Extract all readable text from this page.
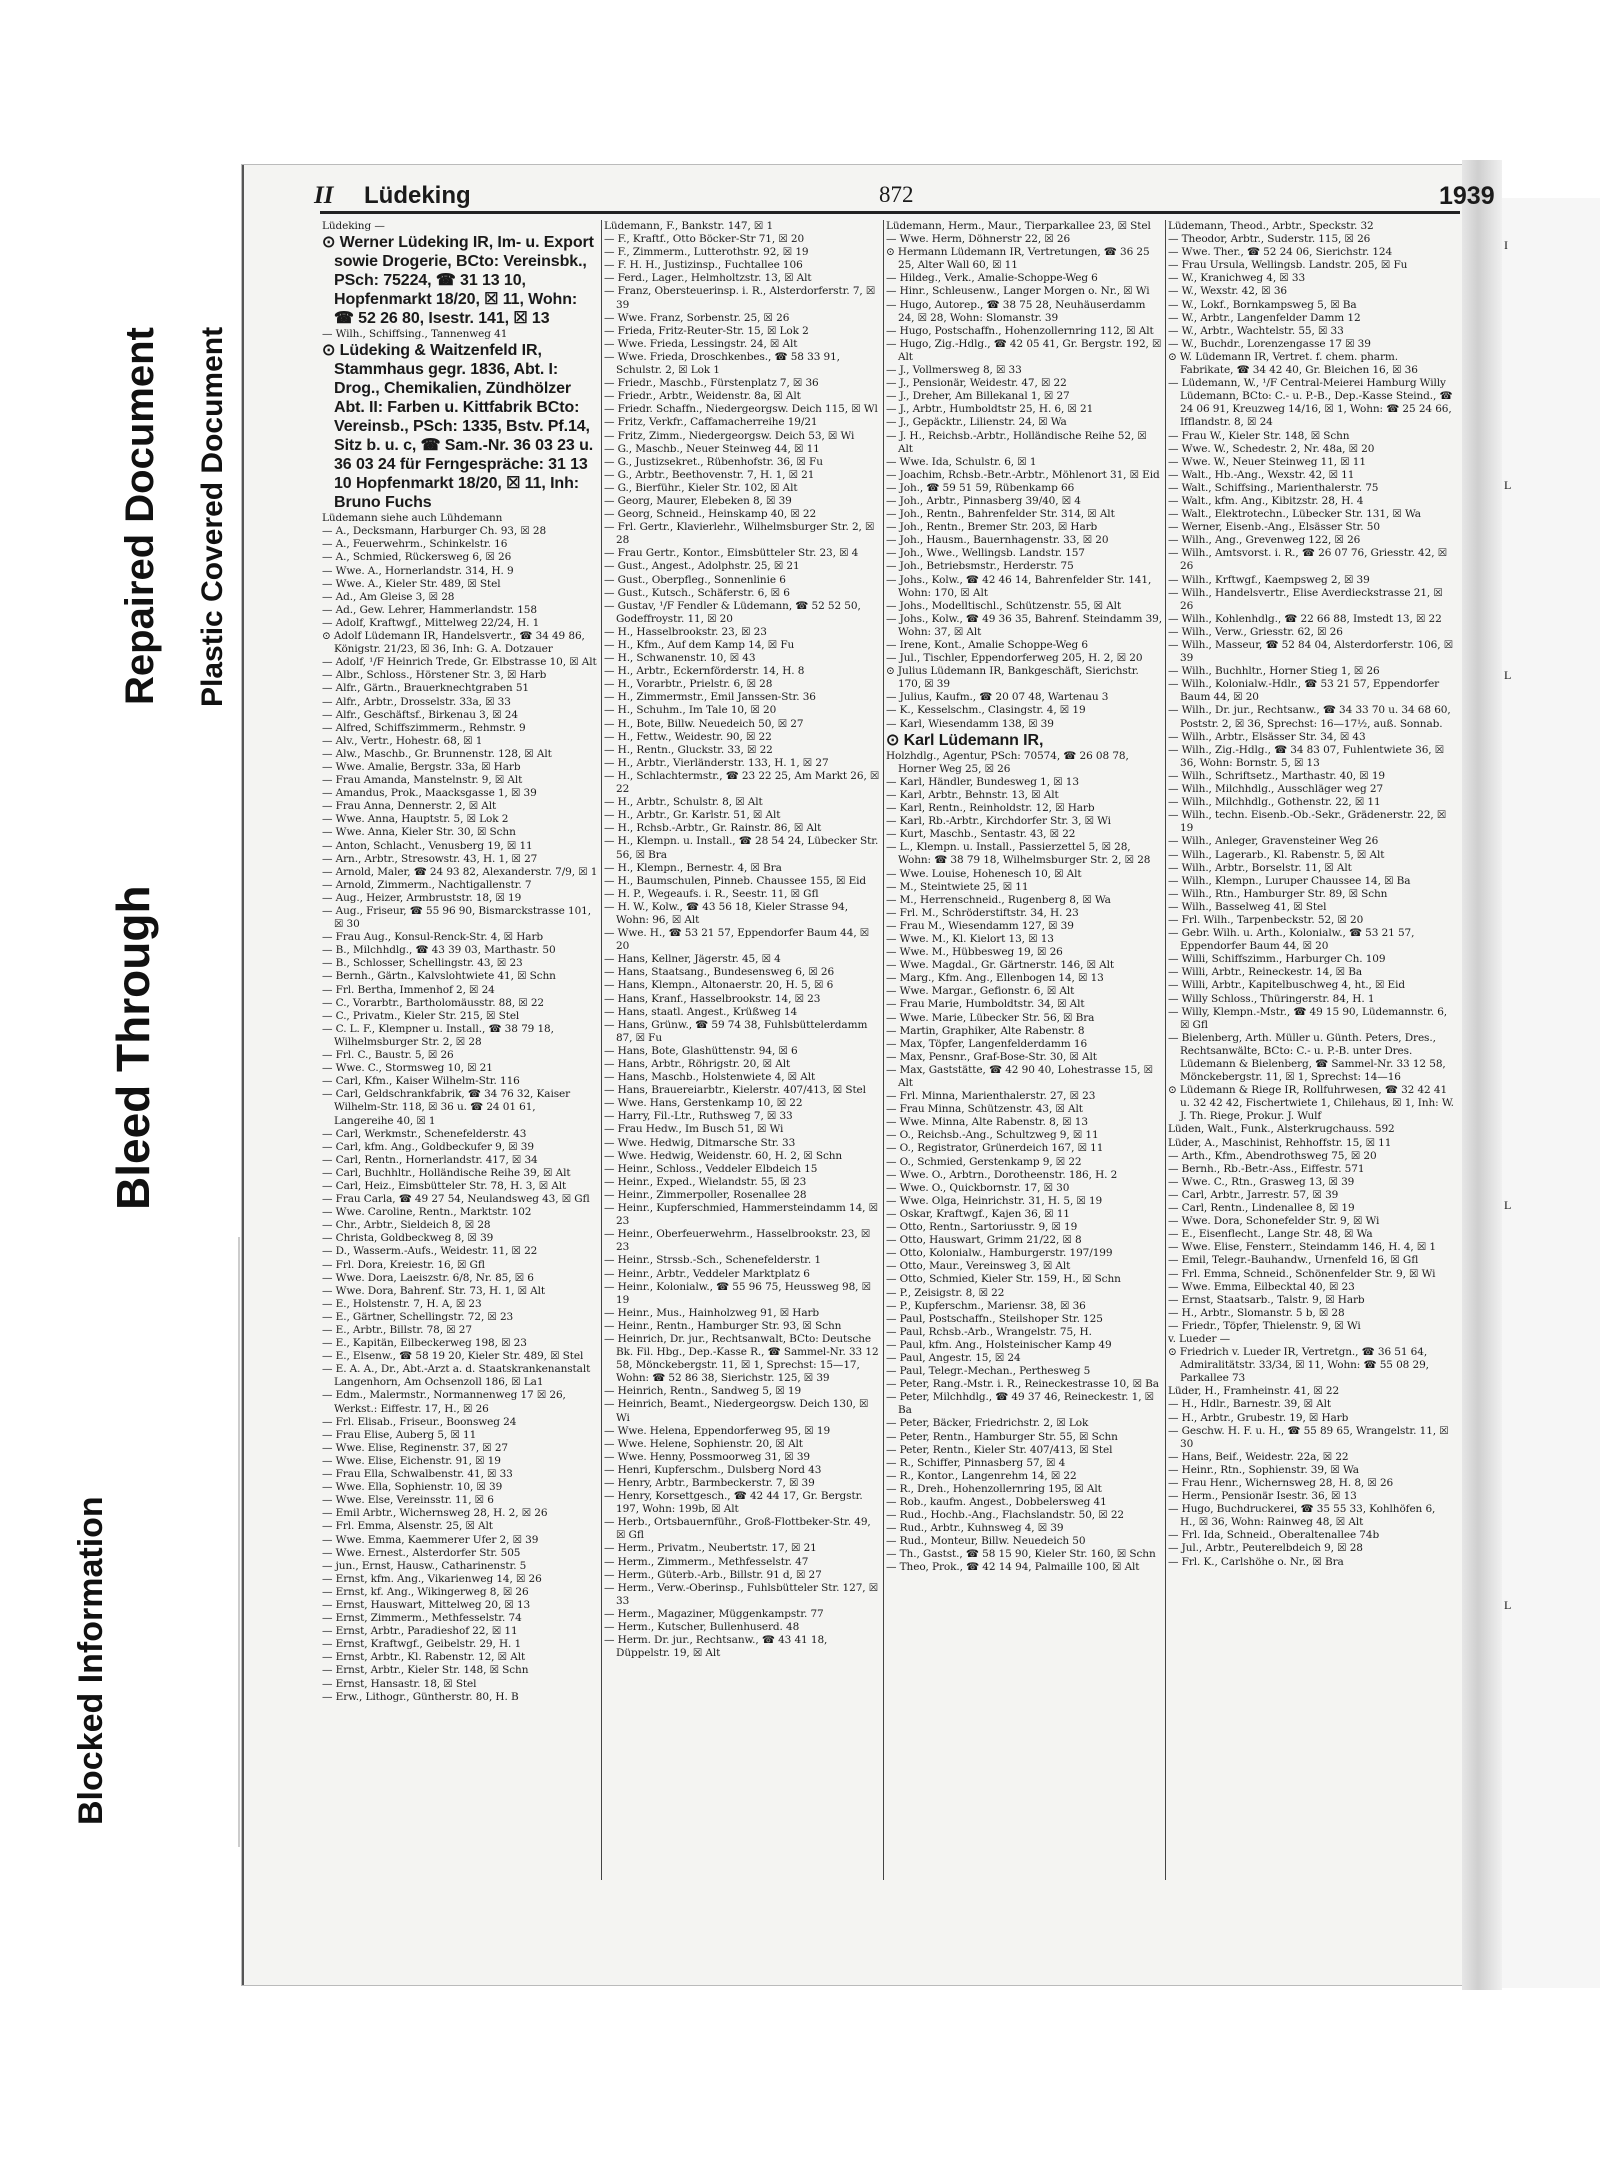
Blocked Information
Bleed Through
Repaired Document Plastic Covered Document
I
L
L
L
L
II Lüdeking	872	1939
Lüdeking —
⊙ Werner Lüdeking IR, Im- u. Export sowie Drogerie, BCto: Vereinsbk., PSch: 75224, ☎ 31 13 10, Hopfenmarkt 18/20, ☒ 11, Wohn: ☎ 52 26 80, Isestr. 141, ☒ 13
— Wilh., Schiffsing., Tannenweg 41
⊙ Lüdeking & Waitzenfeld IR, Stammhaus gegr. 1836, Abt. I: Drog., Chemikalien, Zündhölzer Abt. II: Farben u. Kittfabrik BCto: Vereinsb., PSch: 1335, Bstv. Pf.14, Sitz b. u. c, ☎ Sam.-Nr. 36 03 23 u. 36 03 24 für Ferngespräche: 31 13 10 Hopfenmarkt 18/20, ☒ 11, Inh: Bruno Fuchs
Lüdemann siehe auch Lühdemann
— A., Decksmann, Harburger Ch. 93, ☒ 28
— A., Feuerwehrm., Schinkelstr. 16
— A., Schmied, Rückersweg 6, ☒ 26
— Wwe. A., Hornerlandstr. 314, H. 9
— Wwe. A., Kieler Str. 489, ☒ Stel
— Ad., Am Gleise 3, ☒ 28
— Ad., Gew. Lehrer, Hammerlandstr. 158
— Adolf, Kraftwgf., Mittelweg 22/24, H. 1
⊙ Adolf Lüdemann IR, Handelsvertr., ☎ 34 49 86, Königstr. 21/23, ☒ 36, Inh: G. A. Dotzauer
— Adolf, ¹/F Heinrich Trede, Gr. Elbstrasse 10, ☒ Alt
— Albr., Schloss., Hörstener Str. 3, ☒ Harb
— Alfr., Gärtn., Brauerknechtgraben 51
— Alfr., Arbtr., Drosselstr. 33a, ☒ 33
— Alfr., Geschäftsf., Birkenau 3, ☒ 24
— Alfred, Schiffszimmerm., Rehmstr. 9
— Alv., Vertr., Hohestr. 68, ☒ 1
— Alw., Maschb., Gr. Brunnenstr. 128, ☒ Alt
— Wwe. Amalie, Bergstr. 33a, ☒ Harb
— Frau Amanda, Manstelnstr. 9, ☒ Alt
— Amandus, Prok., Maacksgasse 1, ☒ 39
— Frau Anna, Dennerstr. 2, ☒ Alt
— Wwe. Anna, Hauptstr. 5, ☒ Lok 2
— Wwe. Anna, Kieler Str. 30, ☒ Schn
— Anton, Schlacht., Venusberg 19, ☒ 11
— Arn., Arbtr., Stresowstr. 43, H. 1, ☒ 27
— Arnold, Maler, ☎ 24 93 82, Alexanderstr. 7/9, ☒ 1
— Arnold, Zimmerm., Nachtigallenstr. 7
— Aug., Heizer, Armbruststr. 18, ☒ 19
— Aug., Friseur, ☎ 55 96 90, Bismarckstrasse 101, ☒ 30
— Frau Aug., Konsul-Renck-Str. 4, ☒ Harb
— B., Milchhdlg., ☎ 43 39 03, Marthastr. 50
— B., Schlosser, Schellingstr. 43, ☒ 23
— Bernh., Gärtn., Kalvslohtwiete 41, ☒ Schn
— Frl. Bertha, Immenhof 2, ☒ 24
— C., Vorarbtr., Bartholomäusstr. 88, ☒ 22
— C., Privatm., Kieler Str. 215, ☒ Stel
— C. L. F., Klempner u. Install., ☎ 38 79 18, Wilhelmsburger Str. 2, ☒ 28
— Frl. C., Baustr. 5, ☒ 26
— Wwe. C., Stormsweg 10, ☒ 21
— Carl, Kfm., Kaiser Wilhelm-Str. 116
— Carl, Geldschrankfabrik, ☎ 34 76 32, Kaiser Wilhelm-Str. 118, ☒ 36 u. ☎ 24 01 61, Langereihe 40, ☒ 1
— Carl, Werkmstr., Schenefelderstr. 43
— Carl, kfm. Ang., Goldbeckufer 9, ☒ 39
— Carl, Rentn., Hornerlandstr. 417, ☒ 34
— Carl, Buchhltr., Holländische Reihe 39, ☒ Alt
— Carl, Heiz., Eimsbütteler Str. 78, H. 3, ☒ Alt
— Frau Carla, ☎ 49 27 54, Neulandsweg 43, ☒ Gfl
— Wwe. Caroline, Rentn., Marktstr. 102
— Chr., Arbtr., Sieldeich 8, ☒ 28
— Christa, Goldbeckweg 8, ☒ 39
— D., Wasserm.-Aufs., Weidestr. 11, ☒ 22
— Frl. Dora, Kreiestr. 16, ☒ Gfl
— Wwe. Dora, Laeiszstr. 6/8, Nr. 85, ☒ 6
— Wwe. Dora, Bahrenf. Str. 73, H. 1, ☒ Alt
— E., Holstenstr. 7, H. A, ☒ 23
— E., Gärtner, Schellingstr. 72, ☒ 23
— E., Arbtr., Billstr. 78, ☒ 27
— E., Kapitän, Eilbeckerweg 198, ☒ 23
— E., Elsenw., ☎ 58 19 20, Kieler Str. 489, ☒ Stel
— E. A. A., Dr., Abt.-Arzt a. d. Staatskrankenanstalt Langenhorn, Am Ochsenzoll 186, ☒ La1
— Edm., Malermstr., Normannenweg 17 ☒ 26, Werkst.: Eiffestr. 17, H., ☒ 26
— Frl. Elisab., Friseur., Boonsweg 24
— Frau Elise, Auberg 5, ☒ 11
— Wwe. Elise, Reginenstr. 37, ☒ 27
— Wwe. Elise, Eichenstr. 91, ☒ 19
— Frau Ella, Schwalbenstr. 41, ☒ 33
— Wwe. Ella, Sophienstr. 10, ☒ 39
— Wwe. Else, Vereinsstr. 11, ☒ 6
— Emil Arbtr., Wichernsweg 28, H. 2, ☒ 26
— Frl. Emma, Alsenstr. 25, ☒ Alt
— Wwe. Emma, Kaemmerer Ufer 2, ☒ 39
— Wwe. Ernest., Alsterdorfer Str. 505
— jun., Ernst, Hausw., Catharinenstr. 5
— Ernst, kfm. Ang., Vikarienweg 14, ☒ 26
— Ernst, kf. Ang., Wikingerweg 8, ☒ 26
— Ernst, Hauswart, Mittelweg 20, ☒ 13
— Ernst, Zimmerm., Methfesselstr. 74
— Ernst, Arbtr., Paradieshof 22, ☒ 11
— Ernst, Kraftwgf., Geibelstr. 29, H. 1
— Ernst, Arbtr., Kl. Rabenstr. 12, ☒ Alt
— Ernst, Arbtr., Kieler Str. 148, ☒ Schn
— Ernst, Hansastr. 18, ☒ Stel
— Erw., Lithogr., Güntherstr. 80, H. B
Lüdemann, F., Bankstr. 147, ☒ 1
— F., Kraftf., Otto Böcker-Str 71, ☒ 20
— F., Zimmerm., Lutterothstr. 92, ☒ 19
— F. H. H., Justizinsp., Fuchtallee 106
— Ferd., Lager., Helmholtzstr. 13, ☒ Alt
— Franz, Obersteuerinsp. i. R., Alsterdorferstr. 7, ☒ 39
— Wwe. Franz, Sorbenstr. 25, ☒ 26
— Frieda, Fritz-Reuter-Str. 15, ☒ Lok 2
— Wwe. Frieda, Lessingstr. 24, ☒ Alt
— Wwe. Frieda, Droschkenbes., ☎ 58 33 91, Schulstr. 2, ☒ Lok 1
— Friedr., Maschb., Fürstenplatz 7, ☒ 36
— Friedr., Arbtr., Weidenstr. 8a, ☒ Alt
— Friedr. Schaffn., Niedergeorgsw. Deich 115, ☒ Wl
— Fritz, Verkfr., Caffamacherreihe 19/21
— Fritz, Zimm., Niedergeorgsw. Deich 53, ☒ Wi
— G., Maschb., Neuer Steinweg 44, ☒ 11
— G., Justizsekret., Rübenhofstr. 36, ☒ Fu
— G., Arbtr., Beethovenstr. 7, H. 1, ☒ 21
— G., Bierführ., Kieler Str. 102, ☒ Alt
— Georg, Maurer, Elebeken 8, ☒ 39
— Georg, Schneid., Heinskamp 40, ☒ 22
— Frl. Gertr., Klavierlehr., Wilhelmsburger Str. 2, ☒ 28
— Frau Gertr., Kontor., Eimsbütteler Str. 23, ☒ 4
— Gust., Angest., Adolphstr. 25, ☒ 21
— Gust., Oberpfleg., Sonnenlinie 6
— Gust., Kutsch., Schäferstr. 6, ☒ 6
— Gustav, ¹/F Fendler & Lüdemann, ☎ 52 52 50, Godeffroystr. 11, ☒ 20
— H., Hasselbrookstr. 23, ☒ 23
— H., Kfm., Auf dem Kamp 14, ☒ Fu
— H., Schwanenstr. 10, ☒ 43
— H., Arbtr., Eckernförderstr. 14, H. 8
— H., Vorarbtr., Prielstr. 6, ☒ 28
— H., Zimmermstr., Emil Janssen-Str. 36
— H., Schuhm., Im Tale 10, ☒ 20
— H., Bote, Billw. Neuedeich 50, ☒ 27
— H., Fettw., Weidestr. 90, ☒ 22
— H., Rentn., Gluckstr. 33, ☒ 22
— H., Arbtr., Vierländerstr. 133, H. 1, ☒ 27
— H., Schlachtermstr., ☎ 23 22 25, Am Markt 26, ☒ 22
— H., Arbtr., Schulstr. 8, ☒ Alt
— H., Arbtr., Gr. Karlstr. 51, ☒ Alt
— H., Rchsb.-Arbtr., Gr. Rainstr. 86, ☒ Alt
— H., Klempn. u. Install., ☎ 28 54 24, Lübecker Str. 56, ☒ Bra
— H., Klempn., Bernestr. 4, ☒ Bra
— H., Baumschulen, Pinneb. Chaussee 155, ☒ Eid
— H. P., Wegeaufs. i. R., Seestr. 11, ☒ Gfl
— H. W., Kolw., ☎ 43 56 18, Kieler Strasse 94, Wohn: 96, ☒ Alt
— Wwe. H., ☎ 53 21 57, Eppendorfer Baum 44, ☒ 20
— Hans, Kellner, Jägerstr. 45, ☒ 4
— Hans, Staatsang., Bundesensweg 6, ☒ 26
— Hans, Klempn., Altonaerstr. 20, H. 5, ☒ 6
— Hans, Kranf., Hasselbrookstr. 14, ☒ 23
— Hans, staatl. Angest., Krüßweg 14
— Hans, Grünw., ☎ 59 74 38, Fuhlsbüttelerdamm 87, ☒ Fu
— Hans, Bote, Glashüttenstr. 94, ☒ 6
— Hans, Arbtr., Röhrigstr. 20, ☒ Alt
— Hans, Maschb., Holstenwiete 4, ☒ Alt
— Hans, Brauereiarbtr., Kielerstr. 407/413, ☒ Stel
— Wwe. Hans, Gerstenkamp 10, ☒ 22
— Harry, Fil.-Ltr., Ruthsweg 7, ☒ 33
— Frau Hedw., Im Busch 51, ☒ Wi
— Wwe. Hedwig, Ditmarsche Str. 33
— Wwe. Hedwig, Weidenstr. 60, H. 2, ☒ Schn
— Heinr., Schloss., Veddeler Elbdeich 15
— Heinr., Exped., Wielandstr. 55, ☒ 23
— Heinr., Zimmerpoller, Rosenallee 28
— Heinr., Kupferschmied, Hammersteindamm 14, ☒ 23
— Heinr., Oberfeuerwehrm., Hasselbrookstr. 23, ☒ 23
— Heinr., Strssb.-Sch., Schenefelderstr. 1
— Heinr., Arbtr., Veddeler Marktplatz 6
— Heinr., Kolonialw., ☎ 55 96 75, Heussweg 98, ☒ 19
— Heinr., Mus., Hainholzweg 91, ☒ Harb
— Heinr., Rentn., Hamburger Str. 93, ☒ Schn
— Heinrich, Dr. jur., Rechtsanwalt, BCto: Deutsche Bk. Fil. Hbg., Dep.-Kasse R., ☎ Sammel-Nr. 33 12 58, Mönckebergstr. 11, ☒ 1, Sprechst: 15—17, Wohn: ☎ 52 86 38, Sierichstr. 125, ☒ 39
— Heinrich, Rentn., Sandweg 5, ☒ 19
— Heinrich, Beamt., Niedergeorgsw. Deich 130, ☒ Wi
— Wwe. Helena, Eppendorferweg 95, ☒ 19
— Wwe. Helene, Sophienstr. 20, ☒ Alt
— Wwe. Henny, Possmoorweg 31, ☒ 39
— Henri, Kupferschm., Dulsberg Nord 43
— Henry, Arbtr., Barmbeckerstr. 7, ☒ 39
— Henry, Korsettgesch., ☎ 42 44 17, Gr. Bergstr. 197, Wohn: 199b, ☒ Alt
— Herb., Ortsbauernführ., Groß-Flottbeker-Str. 49, ☒ Gfl
— Herm., Privatm., Neubertstr. 17, ☒ 21
— Herm., Zimmerm., Methfesselstr. 47
— Herm., Güterb.-Arb., Billstr. 91 d, ☒ 27
— Herm., Verw.-Oberinsp., Fuhlsbütteler Str. 127, ☒ 33
— Herm., Magaziner, Müggenkampstr. 77
— Herm., Kutscher, Bullenhuserd. 48
— Herm. Dr. jur., Rechtsanw., ☎ 43 41 18, Düppelstr. 19, ☒ Alt
Lüdemann, Herm., Maur., Tierparkallee 23, ☒ Stel
— Wwe. Herm, Döhnerstr 22, ☒ 26
⊙ Hermann Lüdemann IR, Vertretungen, ☎ 36 25 25, Alter Wall 60, ☒ 11
— Hildeg., Verk., Amalie-Schoppe-Weg 6
— Hinr., Schleusenw., Langer Morgen o. Nr., ☒ Wi
— Hugo, Autorep., ☎ 38 75 28, Neuhäuserdamm 24, ☒ 28, Wohn: Slomanstr. 39
— Hugo, Postschaffn., Hohenzollernring 112, ☒ Alt
— Hugo, Zig.-Hdlg., ☎ 42 05 41, Gr. Bergstr. 192, ☒ Alt
— J., Vollmersweg 8, ☒ 33
— J., Pensionär, Weidestr. 47, ☒ 22
— J., Dreher, Am Billekanal 1, ☒ 27
— J., Arbtr., Humboldtstr 25, H. 6, ☒ 21
— J., Gepäcktr., Lilienstr. 24, ☒ Wa
— J. H., Reichsb.-Arbtr., Holländische Reihe 52, ☒ Alt
— Wwe. Ida, Schulstr. 6, ☒ 1
— Joachim, Rchsb.-Betr.-Arbtr., Möhlenort 31, ☒ Eid
— Joh., ☎ 59 51 59, Rübenkamp 66
— Joh., Arbtr., Pinnasberg 39/40, ☒ 4
— Joh., Rentn., Bahrenfelder Str. 314, ☒ Alt
— Joh., Rentn., Bremer Str. 203, ☒ Harb
— Joh., Hausm., Bauernhagenstr. 33, ☒ 20
— Joh., Wwe., Wellingsb. Landstr. 157
— Joh., Betriebsmstr., Herderstr. 75
— Johs., Kolw., ☎ 42 46 14, Bahrenfelder Str. 141, Wohn: 170, ☒ Alt
— Johs., Modelltischl., Schützenstr. 55, ☒ Alt
— Johs., Kolw., ☎ 49 36 35, Bahrenf. Steindamm 39, Wohn: 37, ☒ Alt
— Irene, Kont., Amalie Schoppe-Weg 6
— Jul., Tischler, Eppendorferweg 205, H. 2, ☒ 20
⊙ Julius Lüdemann IR, Bankgeschäft, Sierichstr. 170, ☒ 39
— Julius, Kaufm., ☎ 20 07 48, Wartenau 3
— K., Kesselschm., Clasingstr. 4, ☒ 19
— Karl, Wiesendamm 138, ☒ 39
⊙ Karl Lüdemann IR,
Holzhdlg., Agentur, PSch: 70574, ☎ 26 08 78, Horner Weg 25, ☒ 26
— Karl, Händler, Bundesweg 1, ☒ 13
— Karl, Arbtr., Behnstr. 13, ☒ Alt
— Karl, Rentn., Reinholdstr. 12, ☒ Harb
— Karl, Rb.-Arbtr., Kirchdorfer Str. 3, ☒ Wi
— Kurt, Maschb., Sentastr. 43, ☒ 22
— L., Klempn. u. Install., Passierzettel 5, ☒ 28, Wohn: ☎ 38 79 18, Wilhelmsburger Str. 2, ☒ 28
— Wwe. Louise, Hohenesch 10, ☒ Alt
— M., Steintwiete 25, ☒ 11
— M., Herrenschneid., Rugenberg 8, ☒ Wa
— Frl. M., Schröderstiftstr. 34, H. 23
— Frau M., Wiesendamm 127, ☒ 39
— Wwe. M., Kl. Kielort 13, ☒ 13
— Wwe. M., Hübbesweg 19, ☒ 26
— Wwe. Magdal., Gr. Gärtnerstr. 146, ☒ Alt
— Marg., Kfm. Ang., Ellenbogen 14, ☒ 13
— Wwe. Margar., Gefionstr. 6, ☒ Alt
— Frau Marie, Humboldtstr. 34, ☒ Alt
— Wwe. Marie, Lübecker Str. 56, ☒ Bra
— Martin, Graphiker, Alte Rabenstr. 8
— Max, Töpfer, Langenfelderdamm 16
— Max, Pensnr., Graf-Bose-Str. 30, ☒ Alt
— Max, Gaststätte, ☎ 42 90 40, Lohestrasse 15, ☒ Alt
— Frl. Minna, Marienthalerstr. 27, ☒ 23
— Frau Minna, Schützenstr. 43, ☒ Alt
— Wwe. Minna, Alte Rabenstr. 8, ☒ 13
— O., Reichsb.-Ang., Schultzweg 9, ☒ 11
— O., Registrator, Grünerdeich 167, ☒ 11
— O., Schmied, Gerstenkamp 9, ☒ 22
— Wwe. O., Arbtrn., Dorotheenstr. 186, H. 2
— Wwe. O., Quickbornstr. 17, ☒ 30
— Wwe. Olga, Heinrichstr. 31, H. 5, ☒ 19
— Oskar, Kraftwgf., Kajen 36, ☒ 11
— Otto, Rentn., Sartoriusstr. 9, ☒ 19
— Otto, Hauswart, Grimm 21/22, ☒ 8
— Otto, Kolonialw., Hamburgerstr. 197/199
— Otto, Maur., Vereinsweg 3, ☒ Alt
— Otto, Schmied, Kieler Str. 159, H., ☒ Schn
— P., Zeisigstr. 8, ☒ 22
— P., Kupferschm., Mariensr. 38, ☒ 36
— Paul, Postschaffn., Steilshoper Str. 125
— Paul, Rchsb.-Arb., Wrangelstr. 75, H.
— Paul, kfm. Ang., Holsteinischer Kamp 49
— Paul, Angestr. 15, ☒ 24
— Paul, Telegr.-Mechan., Perthesweg 5
— Peter, Rang.-Mstr. i. R., Reineckestrasse 10, ☒ Ba
— Peter, Milchhdlg., ☎ 49 37 46, Reineckestr. 1, ☒ Ba
— Peter, Bäcker, Friedrichstr. 2, ☒ Lok
— Peter, Rentn., Hamburger Str. 55, ☒ Schn
— Peter, Rentn., Kieler Str. 407/413, ☒ Stel
— R., Schiffer, Pinnasberg 57, ☒ 4
— R., Kontor., Langenrehm 14, ☒ 22
— R., Dreh., Hohenzollernring 195, ☒ Alt
— Rob., kaufm. Angest., Dobbelersweg 41
— Rud., Hochb.-Ang., Flachslandstr. 50, ☒ 22
— Rud., Arbtr., Kuhnsweg 4, ☒ 39
— Rud., Monteur, Billw. Neuedeich 50
— Th., Gastst., ☎ 58 15 90, Kieler Str. 160, ☒ Schn
— Theo, Prok., ☎ 42 14 94, Palmaille 100, ☒ Alt
Lüdemann, Theod., Arbtr., Speckstr. 32
— Theodor, Arbtr., Suderstr. 115, ☒ 26
— Wwe. Ther., ☎ 52 24 06, Sierichstr. 124
— Frau Ursula, Wellingsb. Landstr. 205, ☒ Fu
— W., Kranichweg 4, ☒ 33
— W., Wexstr. 42, ☒ 36
— W., Lokf., Bornkampsweg 5, ☒ Ba
— W., Arbtr., Langenfelder Damm 12
— W., Arbtr., Wachtelstr. 55, ☒ 33
— W., Buchdr., Lorenzengasse 17 ☒ 39
⊙ W. Lüdemann IR, Vertret. f. chem. pharm. Fabrikate, ☎ 34 42 40, Gr. Bleichen 16, ☒ 36
— Lüdemann, W., ¹/F Central-Meierei Hamburg Willy Lüdemann, BCto: C.- u. P.-B., Dep.-Kasse Steind., ☎ 24 06 91, Kreuzweg 14/16, ☒ 1, Wohn: ☎ 25 24 66, Ifflandstr. 8, ☒ 24
— Frau W., Kieler Str. 148, ☒ Schn
— Wwe. W., Schedestr. 2, Nr. 48a, ☒ 20
— Wwe. W., Neuer Steinweg 11, ☒ 11
— Walt., Hb.-Ang., Wexstr. 42, ☒ 11
— Walt., Schiffsing., Marienthalerstr. 75
— Walt., kfm. Ang., Kibitzstr. 28, H. 4
— Walt., Elektrotechn., Lübecker Str. 131, ☒ Wa
— Werner, Eisenb.-Ang., Elsässer Str. 50
— Wilh., Ang., Grevenweg 122, ☒ 26
— Wilh., Amtsvorst. i. R., ☎ 26 07 76, Griesstr. 42, ☒ 26
— Wilh., Krftwgf., Kaempsweg 2, ☒ 39
— Wilh., Handelsvertr., Elise Averdieckstrasse 21, ☒ 26
— Wilh., Kohlenhdlg., ☎ 22 66 88, Imstedt 13, ☒ 22
— Wilh., Verw., Griesstr. 62, ☒ 26
— Wilh., Masseur, ☎ 52 84 04, Alsterdorferstr. 106, ☒ 39
— Wilh., Buchhltr., Horner Stieg 1, ☒ 26
— Wilh., Kolonialw.-Hdlr., ☎ 53 21 57, Eppendorfer Baum 44, ☒ 20
— Wilh., Dr. jur., Rechtsanw., ☎ 34 33 70 u. 34 68 60, Poststr. 2, ☒ 36, Sprechst: 16—17½, auß. Sonnab.
— Wilh., Arbtr., Elsässer Str. 34, ☒ 43
— Wilh., Zig.-Hdlg., ☎ 34 83 07, Fuhlentwiete 36, ☒ 36, Wohn: Bornstr. 5, ☒ 13
— Wilh., Schriftsetz., Marthastr. 40, ☒ 19
— Wilh., Milchhdlg., Ausschläger weg 27
— Wilh., Milchhdlg., Gothenstr. 22, ☒ 11
— Wilh., techn. Eisenb.-Ob.-Sekr., Grädenerstr. 22, ☒ 19
— Wilh., Anleger, Gravensteiner Weg 26
— Wilh., Lagerarb., Kl. Rabenstr. 5, ☒ Alt
— Wilh., Arbtr., Borselstr. 11, ☒ Alt
— Wilh., Klempn., Luruper Chaussee 14, ☒ Ba
— Wilh., Rtn., Hamburger Str. 89, ☒ Schn
— Wilh., Basselweg 41, ☒ Stel
— Frl. Wilh., Tarpenbeckstr. 52, ☒ 20
— Gebr. Wilh. u. Arth., Kolonialw., ☎ 53 21 57, Eppendorfer Baum 44, ☒ 20
— Willi, Schiffszimm., Harburger Ch. 109
— Willi, Arbtr., Reineckestr. 14, ☒ Ba
— Willi, Arbtr., Kapitelbuschweg 4, ht., ☒ Eid
— Willy Schloss., Thüringerstr. 84, H. 1
— Willy, Klempn.-Mstr., ☎ 49 15 90, Lüdemannstr. 6, ☒ Gfl
— Bielenberg, Arth. Müller u. Günth. Peters, Dres., Rechtsanwälte, BCto: C.- u. P.-B. unter Dres. Lüdemann & Bielenberg, ☎ Sammel-Nr. 33 12 58, Mönckebergstr. 11, ☒ 1, Sprechst: 14—16
⊙ Lüdemann & Riege IR, Rollfuhrwesen, ☎ 32 42 41 u. 32 42 42, Fischertwiete 1, Chilehaus, ☒ 1, Inh: W. J. Th. Riege, Prokur. J. Wulf
Lüden, Walt., Funk., Alsterkrugchauss. 592
Lüder, A., Maschinist, Rehhoffstr. 15, ☒ 11
— Arth., Kfm., Abendrothsweg 75, ☒ 20
— Bernh., Rb.-Betr.-Ass., Eiffestr. 571
— Wwe. C., Rtn., Grasweg 13, ☒ 39
— Carl, Arbtr., Jarrestr. 57, ☒ 39
— Carl, Rentn., Lindenallee 8, ☒ 19
— Wwe. Dora, Schonefelder Str. 9, ☒ Wi
— E., Eisenflecht., Lange Str. 48, ☒ Wa
— Wwe. Elise, Fensterr., Steindamm 146, H. 4, ☒ 1
— Emil, Telegr.-Bauhandw., Urnenfeld 16, ☒ Gfl
— Frl. Emma, Schneid., Schönenfelder Str. 9, ☒ Wi
— Wwe. Emma, Eilbecktal 40, ☒ 23
— Ernst, Staatsarb., Talstr. 9, ☒ Harb
— H., Arbtr., Slomanstr. 5 b, ☒ 28
— Friedr., Töpfer, Thielenstr. 9, ☒ Wi
v. Lueder —
⊙ Friedrich v. Lueder IR, Vertretgn., ☎ 36 51 64, Admiralitätstr. 33/34, ☒ 11, Wohn: ☎ 55 08 29, Parkallee 73
Lüder, H., Framheinstr. 41, ☒ 22
— H., Hdlr., Barnestr. 39, ☒ Alt
— H., Arbtr., Grubestr. 19, ☒ Harb
— Geschw. H. F. u. H., ☎ 55 89 65, Wrangelstr. 11, ☒ 30
— Hans, Beif., Weidestr. 22a, ☒ 22
— Heinr., Rtn., Sophienstr. 39, ☒ Wa
— Frau Henr., Wichernsweg 28, H. 8, ☒ 26
— Herm., Pensionär Isestr. 36, ☒ 13
— Hugo, Buchdruckerei, ☎ 35 55 33, Kohlhöfen 6, H., ☒ 36, Wohn: Rainweg 48, ☒ Alt
— Frl. Ida, Schneid., Oberaltenallee 74b
— Jul., Arbtr., Peuterelbdeich 9, ☒ 28
— Frl. K., Carlshöhe o. Nr., ☒ Bra
